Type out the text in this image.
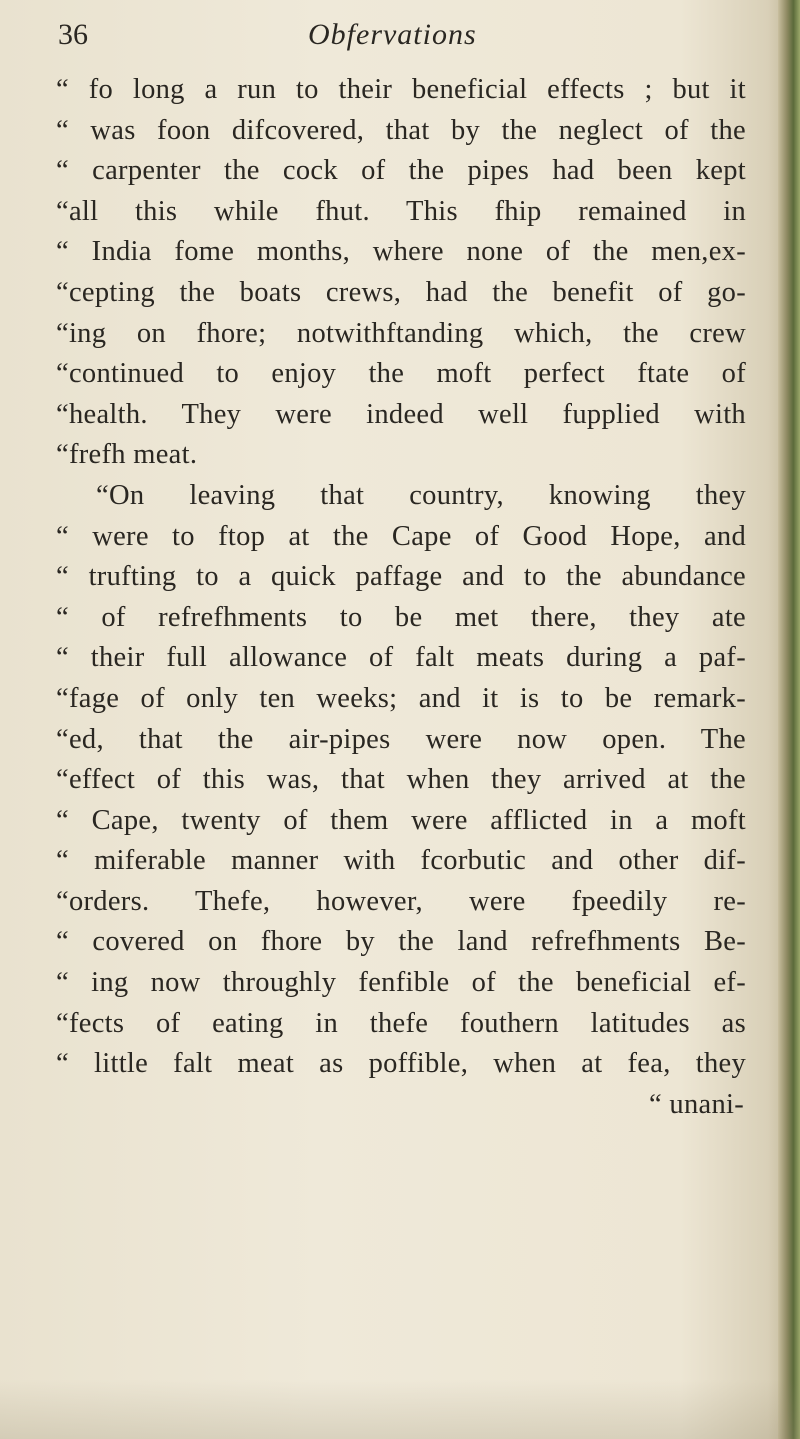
36	Obfervations
“ fo long a run to their beneficial effects ; but it
“ was foon difcovered, that by the neglect of the
“ carpenter the cock of the pipes had been kept
“all this while fhut. This fhip remained in
“ India fome months, where none of the men,ex-
“cepting the boats crews, had the benefit of go-
“ing on fhore; notwithftanding which, the crew
“continued to enjoy the moft perfect ftate of
“health. They were indeed well fupplied with
“frefh meat.
“On leaving that country, knowing they
“ were to ftop at the Cape of Good Hope, and
“ trufting to a quick paffage and to the abundance
“ of refrefhments to be met there, they ate
“ their full allowance of falt meats during a paf-
“fage of only ten weeks; and it is to be remark-
“ed, that the air-pipes were now open. The
“effect of this was, that when they arrived at the
“ Cape, twenty of them were afflicted in a moft
“ miferable manner with fcorbutic and other dif-
“orders. Thefe, however, were fpeedily re-
“ covered on fhore by the land refrefhments Be-
“ ing now throughly fenfible of the beneficial ef-
“fects of eating in thefe fouthern latitudes as
“ little falt meat as poffible, when at fea, they
“ unani-
